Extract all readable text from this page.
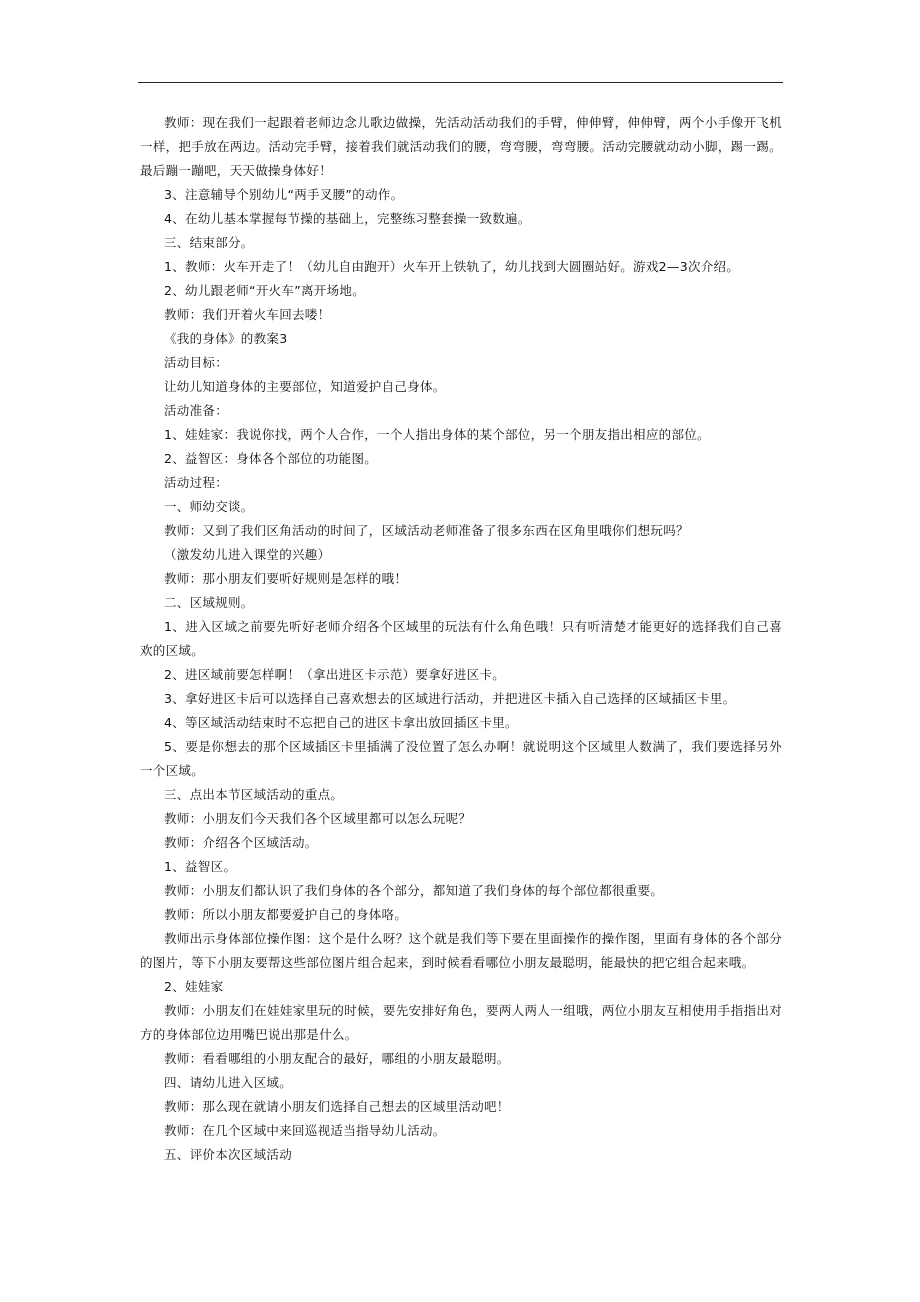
教师：现在我们一起跟着老师边念儿歌边做操，先活动活动我们的手臂，伸伸臂，伸伸臂，两个小手像开飞机一样，把手放在两边。活动完手臂，接着我们就活动我们的腰，弯弯腰，弯弯腰。活动完腰就动动小脚，踢一踢。最后蹦一蹦吧，天天做操身体好！

3、注意辅导个别幼儿“两手叉腰”的动作。

4、在幼儿基本掌握每节操的基础上，完整练习整套操一致数遍。

三、结束部分。

1、教师：火车开走了！（幼儿自由跑开）火车开上铁轨了，幼儿找到大圆圈站好。游戏2—3次介绍。

2、幼儿跟老师“开火车”离开场地。

教师：我们开着火车回去喽！

《我的身体》的教案3

活动目标：

让幼儿知道身体的主要部位，知道爱护自己身体。

活动准备：

1、娃娃家：我说你找，两个人合作，一个人指出身体的某个部位，另一个朋友指出相应的部位。

2、益智区：身体各个部位的功能图。

活动过程：

一、师幼交谈。

教师：又到了我们区角活动的时间了，区域活动老师准备了很多东西在区角里哦你们想玩吗？

（激发幼儿进入课堂的兴趣）

教师：那小朋友们要听好规则是怎样的哦！

二、区域规则。

1、进入区域之前要先听好老师介绍各个区域里的玩法有什么角色哦！只有听清楚才能更好的选择我们自己喜欢的区域。

2、进区域前要怎样啊！（拿出进区卡示范）要拿好进区卡。

3、拿好进区卡后可以选择自己喜欢想去的区域进行活动，并把进区卡插入自己选择的区域插区卡里。

4、等区域活动结束时不忘把自己的进区卡拿出放回插区卡里。

5、要是你想去的那个区域插区卡里插满了没位置了怎么办啊！就说明这个区域里人数满了，我们要选择另外一个区域。

三、点出本节区域活动的重点。

教师：小朋友们今天我们各个区域里都可以怎么玩呢？

教师：介绍各个区域活动。

1、益智区。

教师：小朋友们都认识了我们身体的各个部分，都知道了我们身体的每个部位都很重要。

教师：所以小朋友都要爱护自己的身体咯。

教师出示身体部位操作图：这个是什么呀？这个就是我们等下要在里面操作的操作图，里面有身体的各个部分的图片，等下小朋友要帮这些部位图片组合起来，到时候看看哪位小朋友最聪明，能最快的把它组合起来哦。

2、娃娃家

教师：小朋友们在娃娃家里玩的时候，要先安排好角色，要两人两人一组哦，两位小朋友互相使用手指指出对方的身体部位边用嘴巴说出那是什么。

教师：看看哪组的小朋友配合的最好，哪组的小朋友最聪明。

四、请幼儿进入区域。

教师：那么现在就请小朋友们选择自己想去的区域里活动吧！

教师：在几个区域中来回巡视适当指导幼儿活动。

五、评价本次区域活动
